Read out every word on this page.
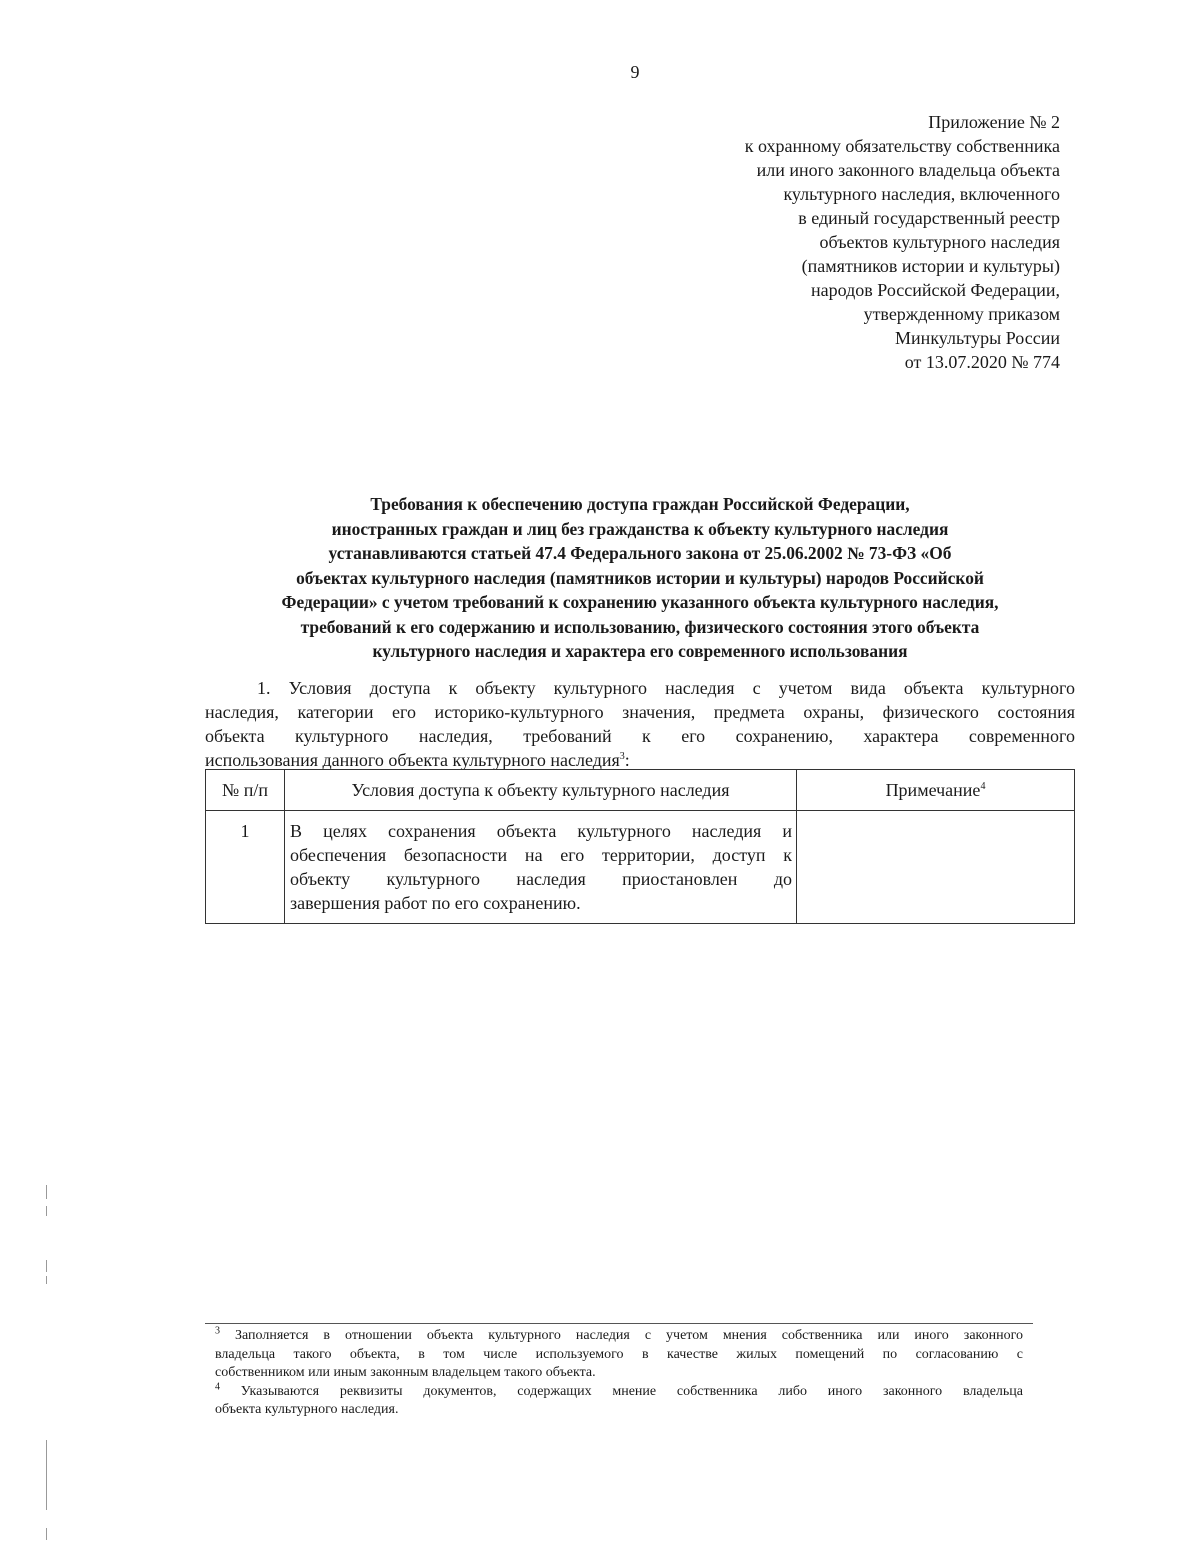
9
Приложение № 2
к охранному обязательству собственника
или иного законного владельца объекта
культурного наследия, включенного
в единый государственный реестр
объектов культурного наследия
(памятников истории и культуры)
народов Российской Федерации,
утвержденному приказом
Минкультуры России
от 13.07.2020 № 774
Требования к обеспечению доступа граждан Российской Федерации,
иностранных граждан и лиц без гражданства к объекту культурного наследия
устанавливаются статьей 47.4 Федерального закона от 25.06.2002 № 73-ФЗ «Об
объектах культурного наследия (памятников истории и культуры) народов Российской
Федерации» с учетом требований к сохранению указанного объекта культурного наследия,
требований к его содержанию и использованию, физического состояния этого объекта
культурного наследия и характера его современного использования
1. Условия доступа к объекту культурного наследия с учетом вида объекта культурного
наследия, категории его историко-культурного значения, предмета охраны, физического состояния
объекта культурного наследия, требований к его сохранению, характера современного
использования данного объекта культурного наследия$^3$:
№ п/п	Условия доступа к объекту культурного наследия	Примечание$^4$
1	В целях сохранения объекта культурного наследия и
обеспечения безопасности на его территории, доступ к
объекту культурного наследия приостановлен до
завершения работ по его сохранению.	

$^3$ Заполняется в отношении объекта культурного наследия с учетом мнения собственника или иного законного
владельца такого объекта, в том числе используемого в качестве жилых помещений по согласованию с
собственником или иным законным владельцем такого объекта.
$^4$ Указываются реквизиты документов, содержащих мнение собственника либо иного законного владельца
объекта культурного наследия.
